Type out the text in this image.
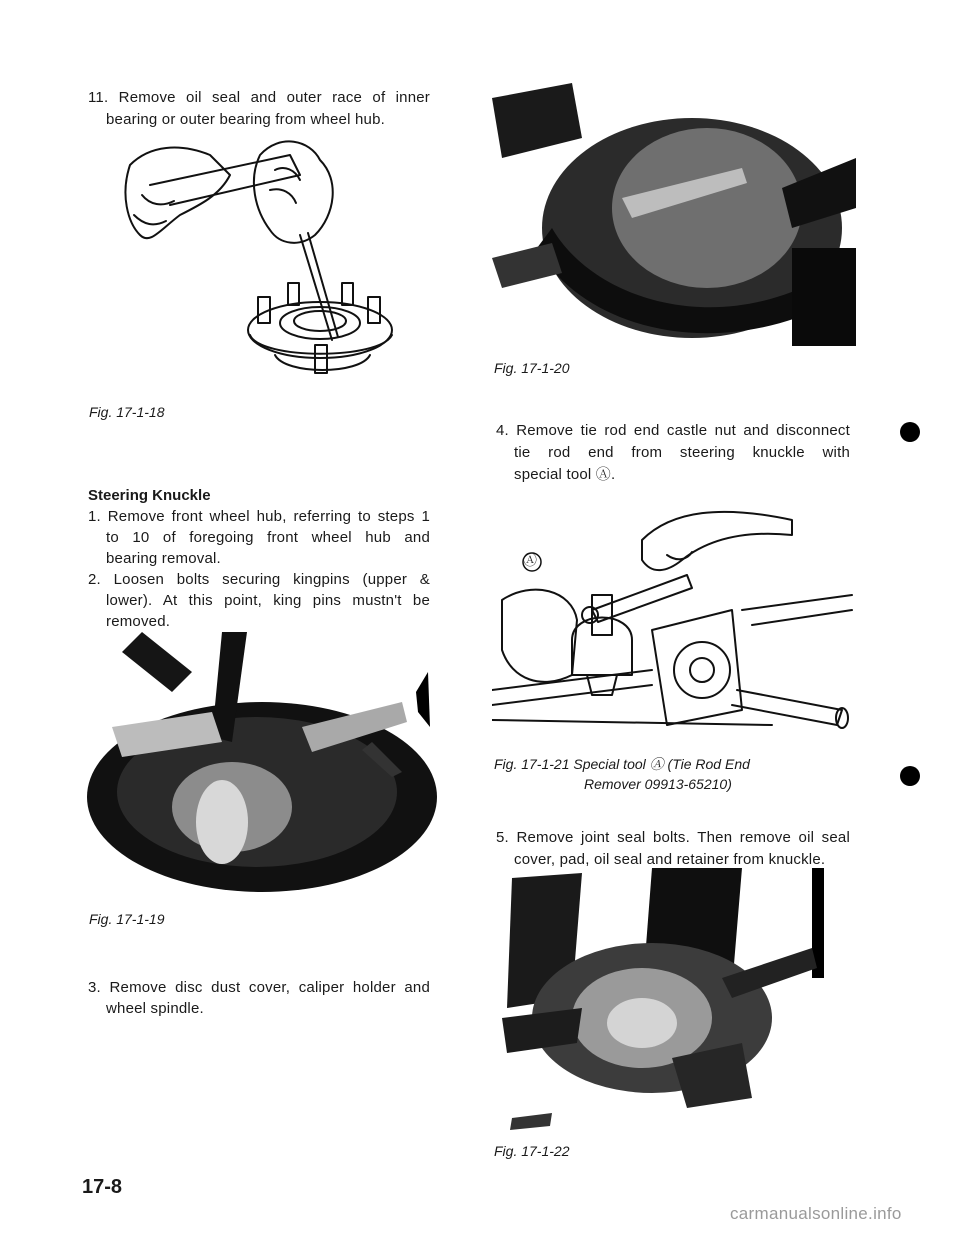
11. Remove oil seal and outer race of inner
bearing or outer bearing from wheel hub.
Fig. 17-1-18
Steering Knuckle
1. Remove front wheel hub, referring to steps 1
to 10 of foregoing front wheel hub and
bearing removal.
2. Loosen bolts securing kingpins (upper &
lower). At this point, king pins mustn't be
removed.
Fig. 17-1-19
3. Remove disc dust cover, caliper holder and
wheel spindle.
17-8
Fig. 17-1-20
4. Remove tie rod end castle nut and disconnect
tie rod end from steering knuckle with
special tool Ⓐ.
Ⓐ
Fig. 17-1-21 Special tool Ⓐ (Tie Rod End
Remover 09913-65210)
5. Remove joint seal bolts. Then remove oil seal
cover, pad, oil seal and retainer from knuckle.
Fig. 17-1-22
carmanualsonline.info
